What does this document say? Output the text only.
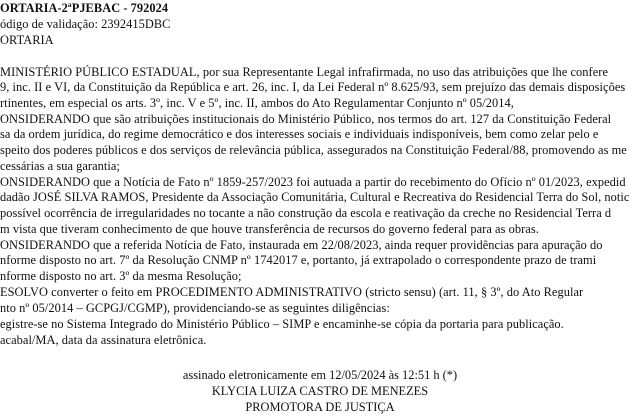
ORTARIA-2ªPJEBAC - 792024
ódigo de validação: 2392415DBC
ORTARIA
MINISTÉRIO PÚBLICO ESTADUAL, por sua Representante Legal infrafirmada, no uso das atribuições que lhe confere
9, inc. II e VI, da Constituição da República e art. 26, inc. I, da Lei Federal nº 8.625/93, sem prejuízo das demais disposições
rtinentes, em especial os arts. 3º, inc. V e 5º, inc. II, ambos do Ato Regulamentar Conjunto nº 05/2014,
ONSIDERANDO que são atribuições institucionais do Ministério Público, nos termos do art. 127 da Constituição Federal
sa da ordem jurídica, do regime democrático e dos interesses sociais e individuais indisponíveis, bem como zelar pelo e
speito dos poderes públicos e dos serviços de relevância pública, assegurados na Constituição Federal/88, promovendo as me
cessárias a sua garantia;
ONSIDERANDO que a Notícia de Fato nº 1859-257/2023 foi autuada a partir do recebimento do Ofício nº 01/2023, expedid
dadão JOSÉ SILVA RAMOS, Presidente da Associação Comunitária, Cultural e Recreativa do Residencial Terra do Sol, notic
possível ocorrência de irregularidades no tocante a não construção da escola e reativação da creche no Residencial Terra d
m vista que tiveram conhecimento de que houve transferência de recursos do governo federal para as obras.
ONSIDERANDO que a referida Notícia de Fato, instaurada em 22/08/2023, ainda requer providências para apuração do
nforme disposto no art. 7º da Resolução CNMP nº 1742017 e, portanto, já extrapolado o correspondente prazo de trami
nforme disposto no art. 3º da mesma Resolução;
ESOLVO converter o feito em PROCEDIMENTO ADMINISTRATIVO (stricto sensu) (art. 11, § 3º, do Ato Regular
nto nº 05/2014 – GCPGJ/CGMP), providenciando-se as seguintes diligências:
egistre-se no Sistema Integrado do Ministério Público – SIMP e encaminhe-se cópia da portaria para publicação.
acabal/MA, data da assinatura eletrônica.
assinado eletronicamente em 12/05/2024 às 12:51 h (*)
KLYCIA LUIZA CASTRO DE MENEZES
PROMOTORA DE JUSTIÇA
